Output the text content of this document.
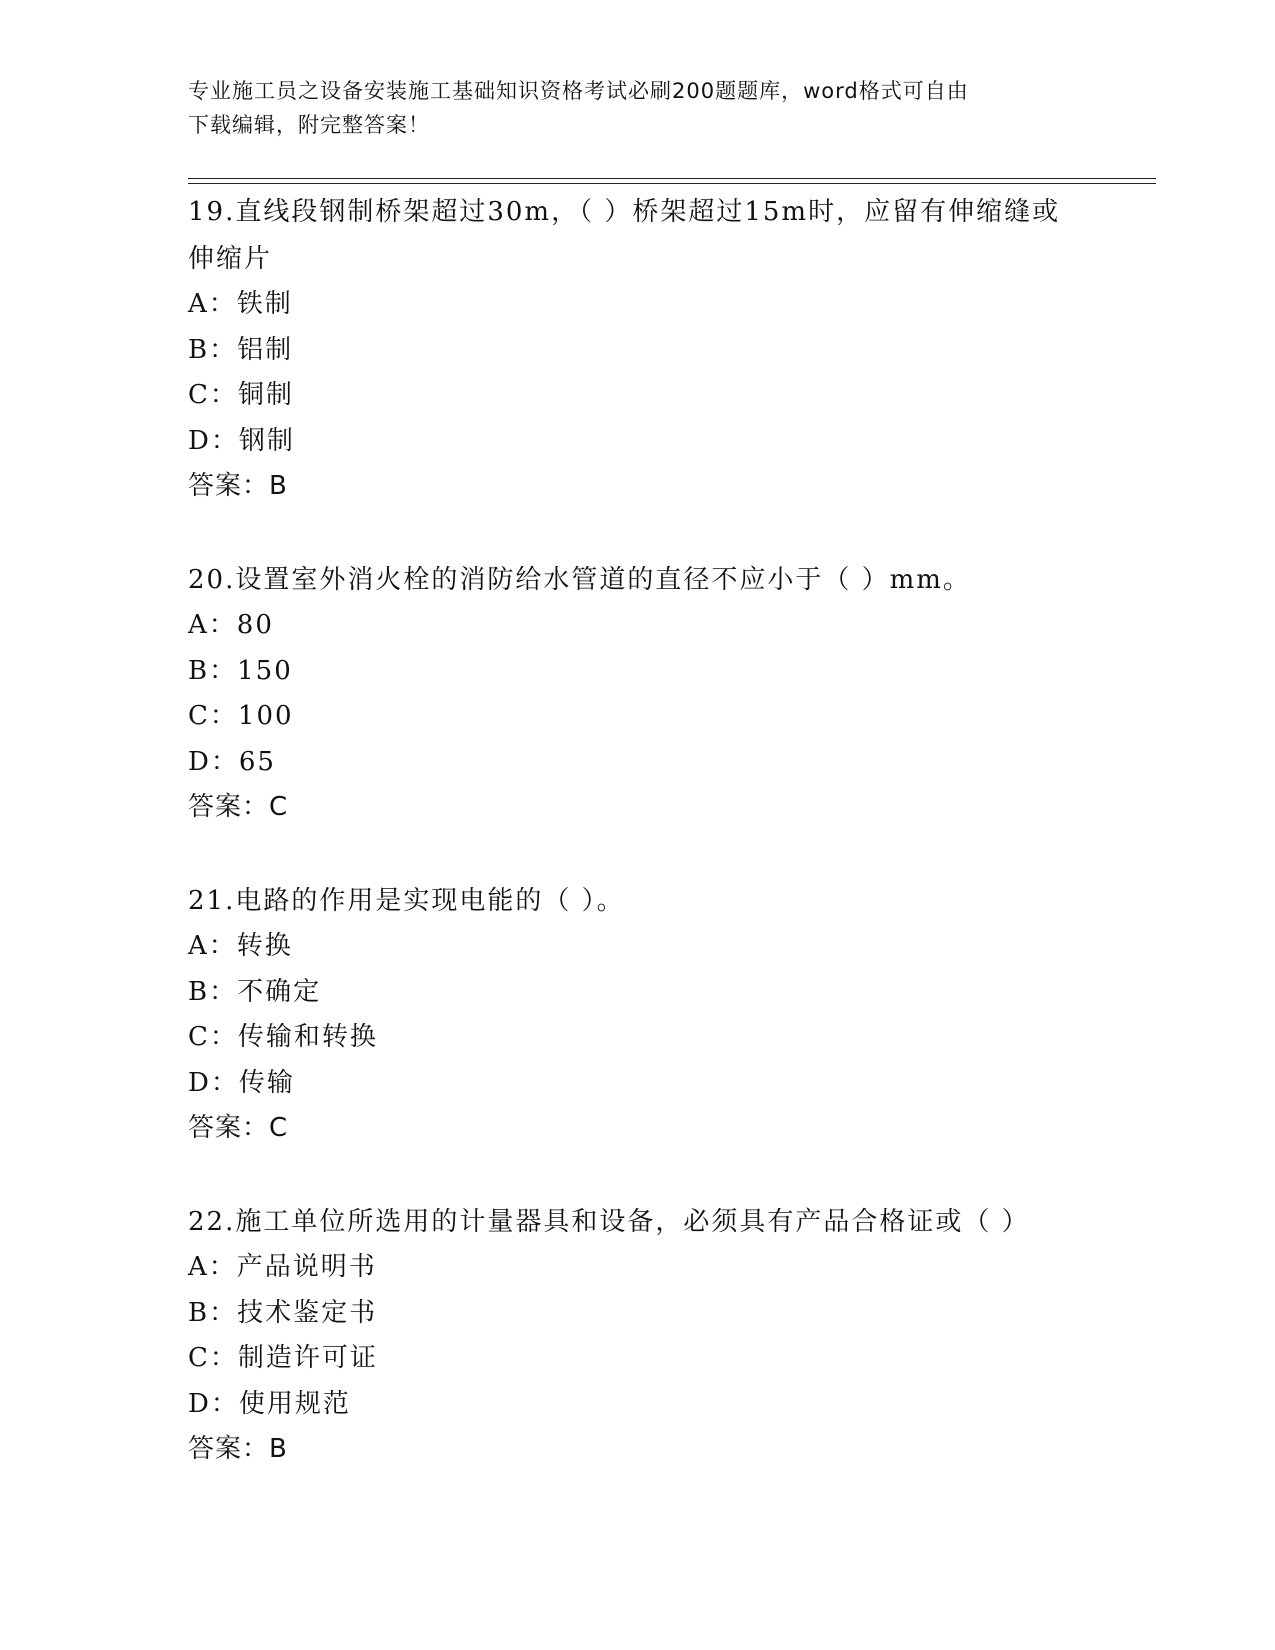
专业施工员之设备安装施工基础知识资格考试必刷200题题库，word格式可自由
下载编辑，附完整答案！
19.直线段钢制桥架超过30m，（ ）桥架超过15m时，应留有伸缩缝或
伸缩片
A：铁制
B：铝制
C：铜制
D：钢制
答案：B
20.设置室外消火栓的消防给水管道的直径不应小于（ ）mm。
A：80
B：150
C：100
D：65
答案：C
21.电路的作用是实现电能的（ ）。
A：转换
B：不确定
C：传输和转换
D：传输
答案：C
22.施工单位所选用的计量器具和设备，必须具有产品合格证或（ ）
A：产品说明书
B：技术鉴定书
C：制造许可证
D：使用规范
答案：B
